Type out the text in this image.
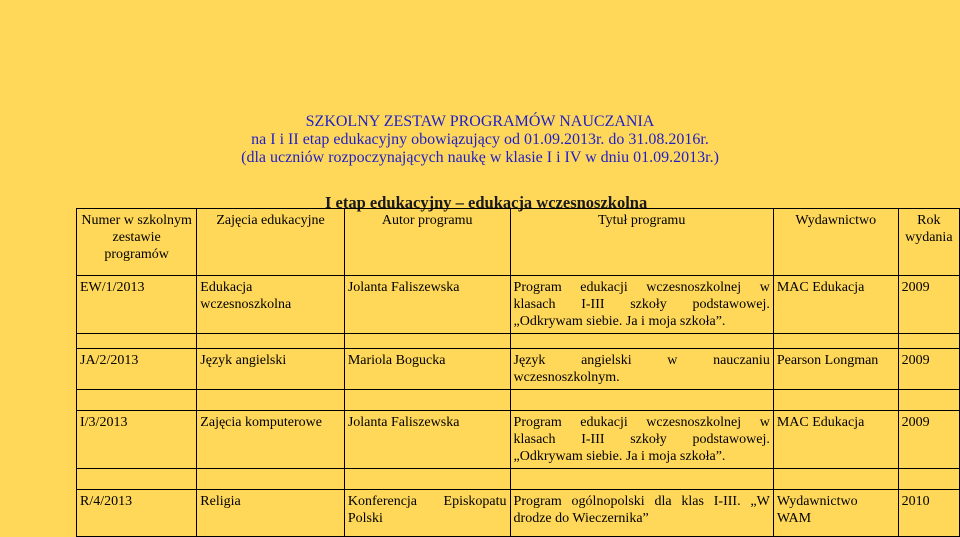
SZKOLNY ZESTAW PROGRAMÓW NAUCZANIA
na I i II etap edukacyjny obowiązujący od 01.09.2013r. do 31.08.2016r.
(dla uczniów rozpoczynających naukę w klasie I i IV w dniu 01.09.2013r.)
I etap edukacyjny – edukacja wczesnoszkolna
Numer w szkolnym zestawie programów	Zajęcia edukacyjne	Autor programu	Tytuł programu	Wydawnictwo	Rok wydania
EW/1/2013	Edukacja wczesnoszkolna	Jolanta Faliszewska	Program edukacji wczesnoszkolnej w klasach I-III szkoły podstawowej. „Odkrywam siebie. Ja i moja szkoła”.	MAC Edukacja	2009

JA/2/2013	Język angielski	Mariola Bogucka	Język angielski w nauczaniu wczesnoszkolnym.	Pearson Longman	2009

I/3/2013	Zajęcia komputerowe	Jolanta Faliszewska	Program edukacji wczesnoszkolnej w klasach I-III szkoły podstawowej. „Odkrywam siebie. Ja i moja szkoła”.	MAC Edukacja	2009

R/4/2013	Religia	Konferencja Episkopatu Polski	Program ogólnopolski dla klas I-III. „W drodze do Wieczernika”	Wydawnictwo WAM	2010
